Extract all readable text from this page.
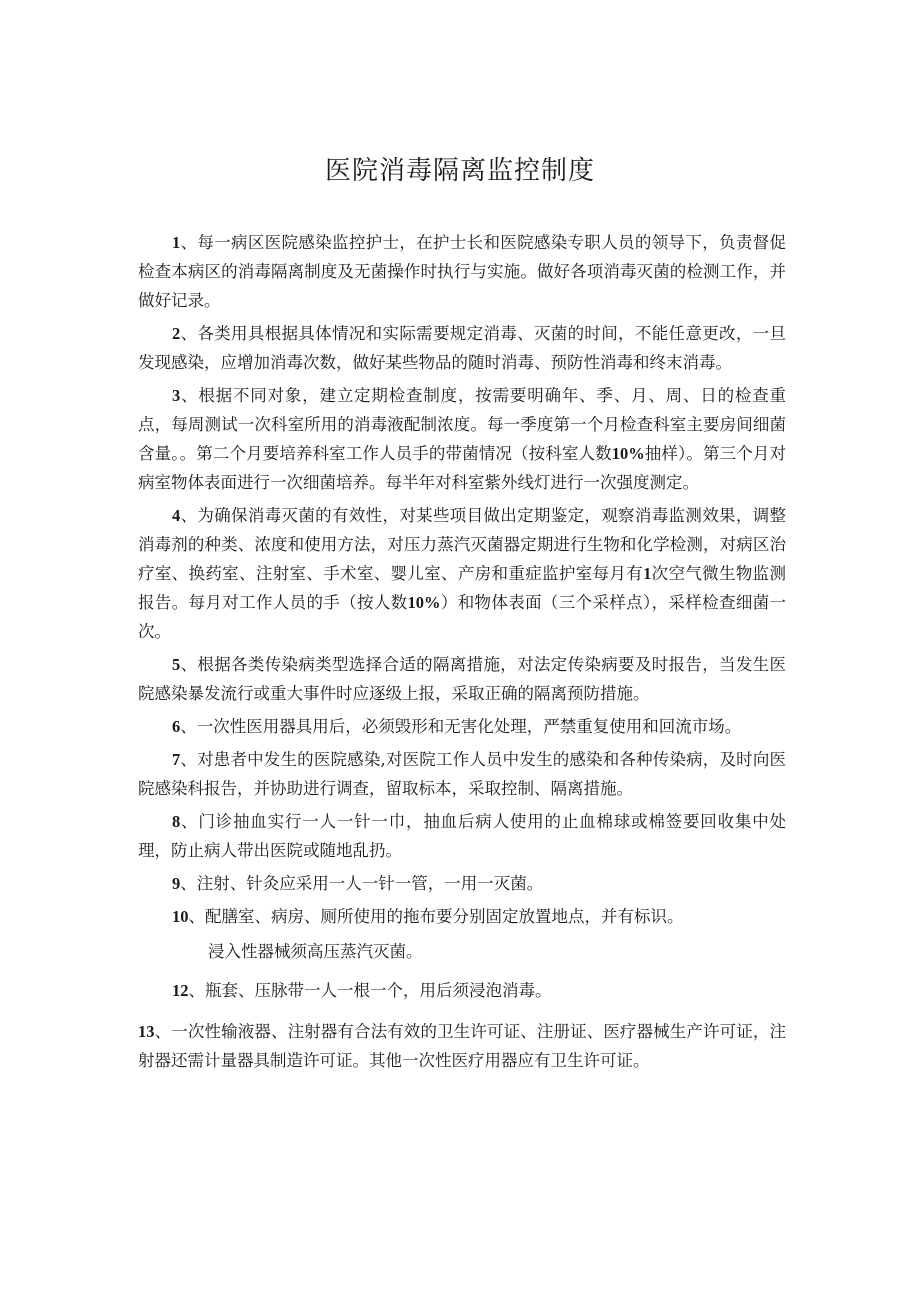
医院消毒隔离监控制度

1、每一病区医院感染监控护士，在护士长和医院感染专职人员的领导下，负责督促检查本病区的消毒隔离制度及无菌操作时执行与实施。做好各项消毒灭菌的检测工作，并做好记录。

2、各类用具根据具体情况和实际需要规定消毒、灭菌的时间，不能任意更改，一旦发现感染，应增加消毒次数，做好某些物品的随时消毒、预防性消毒和终末消毒。

3、根据不同对象，建立定期检查制度，按需要明确年、季、月、周、日的检查重点，每周测试一次科室所用的消毒液配制浓度。每一季度第一个月检查科室主要房间细菌含量。。第二个月要培养科室工作人员手的带菌情况（按科室人数10%抽样）。第三个月对病室物体表面进行一次细菌培养。每半年对科室紫外线灯进行一次强度测定。

4、为确保消毒灭菌的有效性，对某些项目做出定期鉴定，观察消毒监测效果，调整消毒剂的种类、浓度和使用方法，对压力蒸汽灭菌器定期进行生物和化学检测，对病区治疗室、换药室、注射室、手术室、婴儿室、产房和重症监护室每月有1次空气微生物监测报告。每月对工作人员的手（按人数10%）和物体表面（三个采样点），采样检查细菌一次。

5、根据各类传染病类型选择合适的隔离措施，对法定传染病要及时报告，当发生医院感染暴发流行或重大事件时应逐级上报，采取正确的隔离预防措施。

6、一次性医用器具用后，必须毁形和无害化处理，严禁重复使用和回流市场。

7、对患者中发生的医院感染,对医院工作人员中发生的感染和各种传染病，及时向医院感染科报告，并协助进行调查，留取标本，采取控制、隔离措施。

8、门诊抽血实行一人一针一巾，抽血后病人使用的止血棉球或棉签要回收集中处理，防止病人带出医院或随地乱扔。

9、注射、针灸应采用一人一针一管，一用一灭菌。

10、配膳室、病房、厕所使用的拖布要分别固定放置地点，并有标识。

浸入性器械须高压蒸汽灭菌。

12、瓶套、压脉带一人一根一个，用后须浸泡消毒。

13、一次性输液器、注射器有合法有效的卫生许可证、注册证、医疗器械生产许可证，注射器还需计量器具制造许可证。其他一次性医疗用器应有卫生许可证。
